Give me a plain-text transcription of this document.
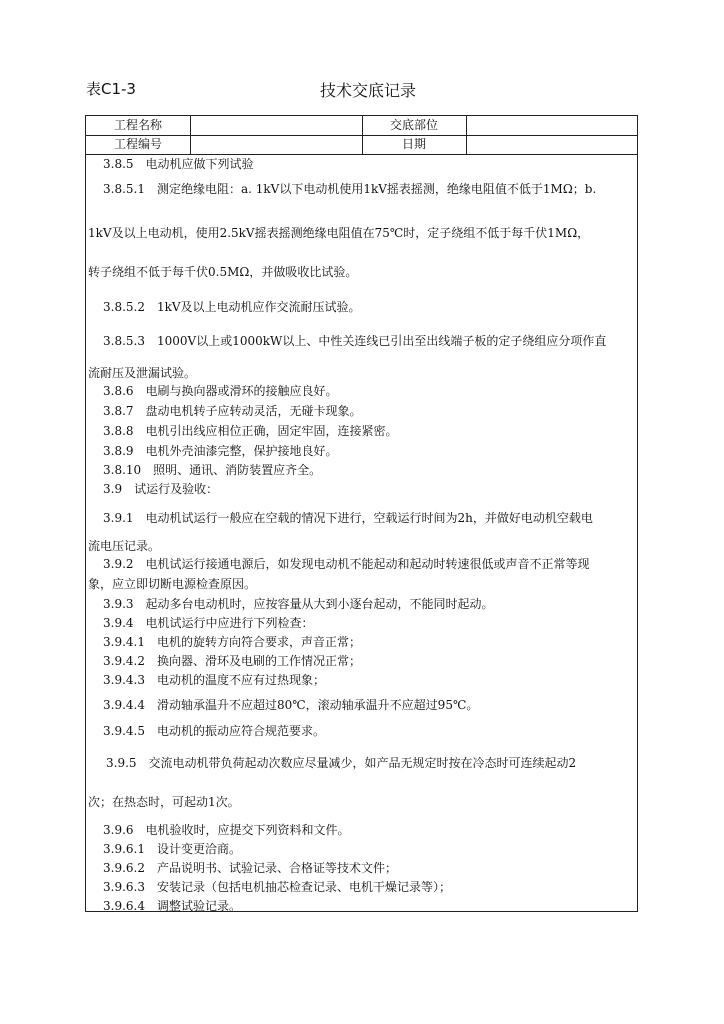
表C1-3	技术交底记录
工程名称	交底部位
工程编号	日期
3.8.5　电动机应做下列试验
3.8.5.1　测定绝缘电阻：a. 1kV以下电动机使用1kV摇表摇测，绝缘电阻值不低于1MΩ；b.
1kV及以上电动机，使用2.5kV摇表摇测绝缘电阻值在75℃时，定子绕组不低于每千伏1MΩ，
转子绕组不低于每千伏0.5MΩ，并做吸收比试验。
3.8.5.2　1kV及以上电动机应作交流耐压试验。
3.8.5.3　1000V以上或1000kW以上、中性关连线已引出至出线端子板的定子绕组应分项作直
流耐压及泄漏试验。
3.8.6　电刷与换向器或滑环的接触应良好。
3.8.7　盘动电机转子应转动灵活，无碰卡现象。
3.8.8　电机引出线应相位正确，固定牢固，连接紧密。
3.8.9　电机外壳油漆完整，保护接地良好。
3.8.10　照明、通讯、消防装置应齐全。
3.9　试运行及验收：
3.9.1　电动机试运行一般应在空载的情况下进行，空载运行时间为2h，并做好电动机空载电
流电压记录。
3.9.2　电机试运行接通电源后，如发现电动机不能起动和起动时转速很低或声音不正常等现
象，应立即切断电源检查原因。
3.9.3　起动多台电动机时，应按容量从大到小逐台起动，不能同时起动。
3.9.4　电机试运行中应进行下列检查：
3.9.4.1　电机的旋转方向符合要求，声音正常；
3.9.4.2　换向器、滑环及电刷的工作情况正常；
3.9.4.3　电动机的温度不应有过热现象；
3.9.4.4　滑动轴承温升不应超过80℃，滚动轴承温升不应超过95℃。
3.9.4.5　电动机的振动应符合规范要求。
3.9.5　交流电动机带负荷起动次数应尽量减少，如产品无规定时按在冷态时可连续起动2
次；在热态时，可起动1次。
3.9.6　电机验收时，应提交下列资料和文件。
3.9.6.1　设计变更洽商。
3.9.6.2　产品说明书、试验记录、合格证等技术文件；
3.9.6.3　安装记录（包括电机抽芯检查记录、电机干燥记录等）；
3.9.6.4　调整试验记录。
